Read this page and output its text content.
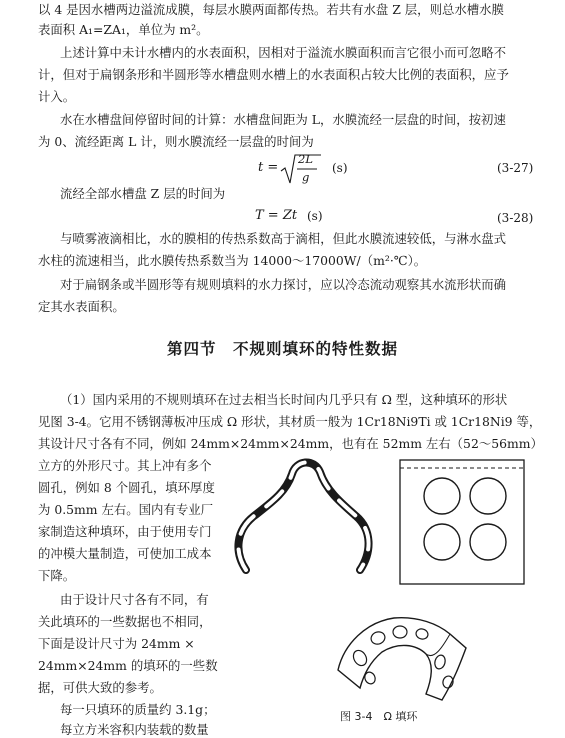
以 4 是因水槽两边溢流成膜，每层水膜两面都传热。若共有水盘 Z 层，则总水槽水膜
表面积 A₁=ZA₁，单位为 m²。
上述计算中未计水槽内的水表面积，因相对于溢流水膜面积而言它很小而可忽略不
计，但对于扁钢条形和半圆形等水槽盘则水槽上的水表面积占较大比例的表面积，应予
计入。
水在水槽盘间停留时间的计算：水槽盘间距为 L，水膜流经一层盘的时间，按初速
为 0、流经距离 L 计，则水膜流经一层盘的时间为
t =
2L
g
(s)	(3-27)
流经全部水槽盘 Z 层的时间为
T = Zt (s)	(3-28)
与喷雾液滴相比，水的膜相的传热系数高于滴相，但此水膜流速较低，与淋水盘式
水柱的流速相当，此水膜传热系数当为 14000～17000W/（m²·℃）。
对于扁钢条或半圆形等有规则填料的水力探讨，应以冷态流动观察其水流形状而确
定其水表面积。
第四节　不规则填环的特性数据
（1）国内采用的不规则填环在过去相当长时间内几乎只有 Ω 型，这种填环的形状
见图 3-4。它用不锈钢薄板冲压成 Ω 形状，其材质一般为 1Cr18Ni9Ti 或 1Cr18Ni9 等，
其设计尺寸各有不同，例如 24mm×24mm×24mm，也有在 52mm 左右（52～56mm）
立方的外形尺寸。其上冲有多个
圆孔，例如 8 个圆孔，填环厚度
为 0.5mm 左右。国内有专业厂
家制造这种填环，由于使用专门
的冲模大量制造，可使加工成本
下降。
由于设计尺寸各有不同，有
关此填环的一些数据也不相同，
下面是设计尺寸为 24mm ×
24mm×24mm 的填环的一些数
据，可供大致的参考。
每一只填环的质量约 3.1g；
每立方米容积内装载的数量
图 3-4　Ω 填环
